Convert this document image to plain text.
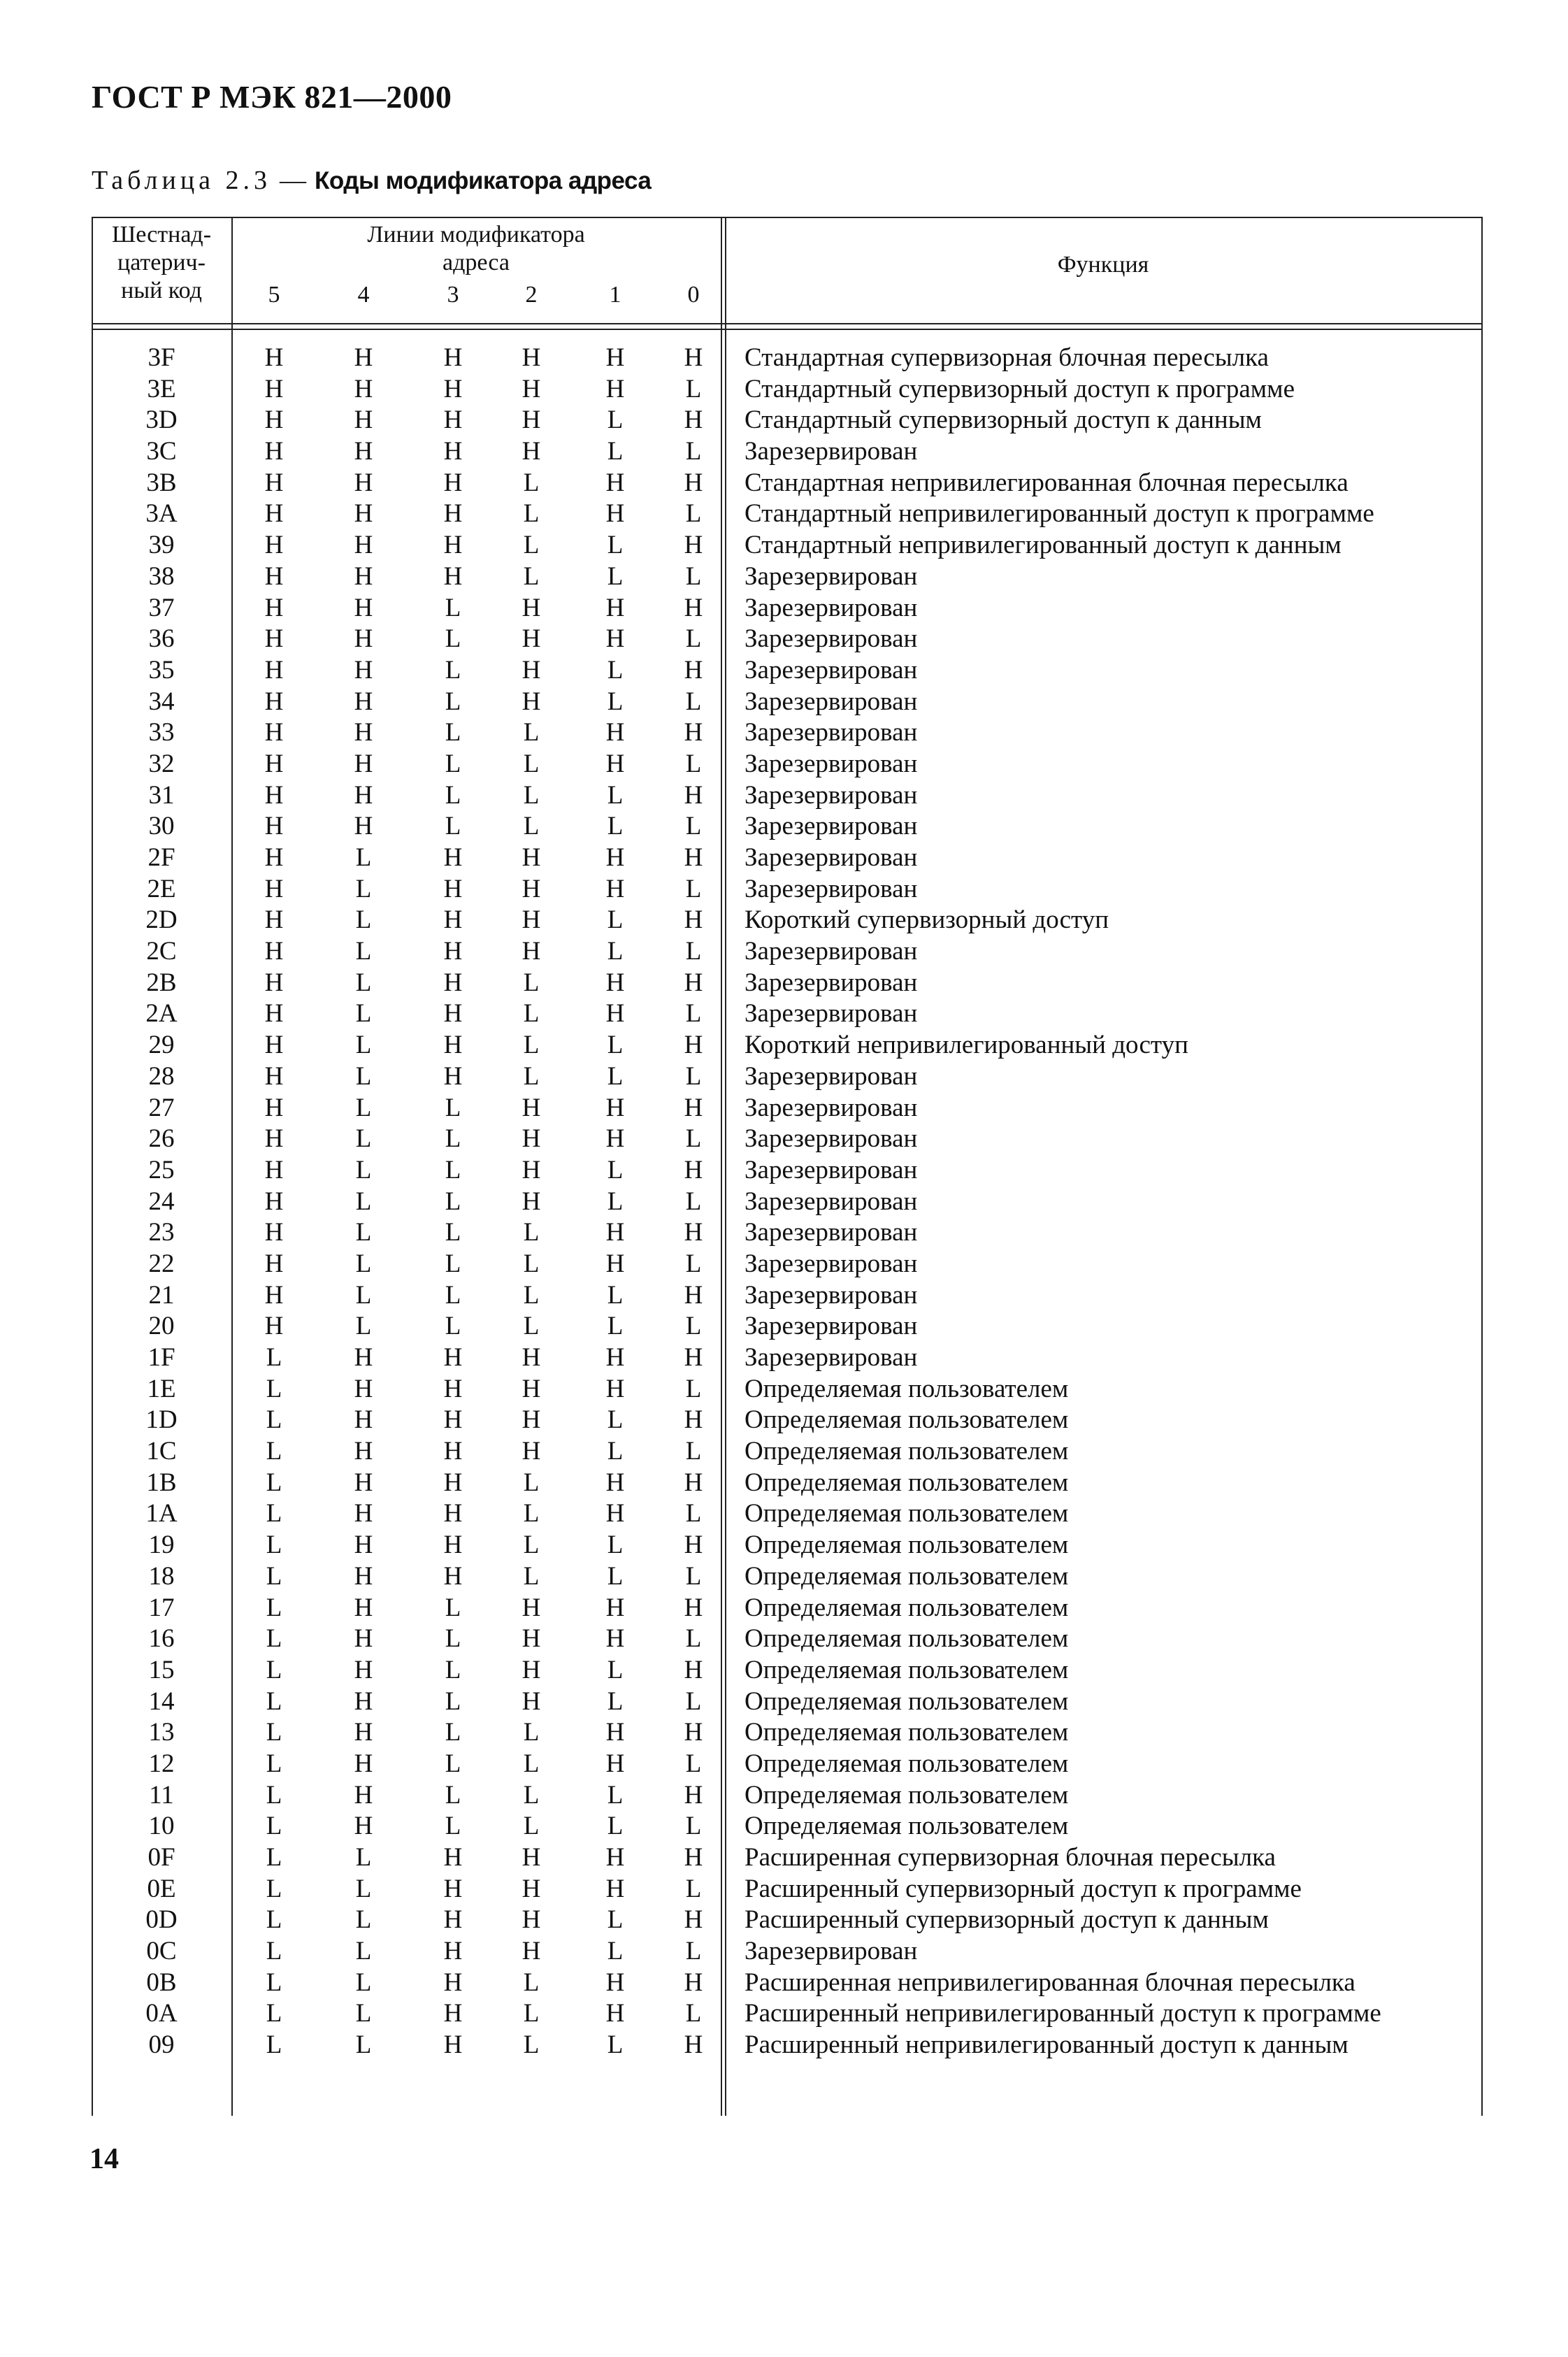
ГОСТ Р МЭК 821—2000
Таблица 2.3 — Коды модификатора адреса
Шестнад-
цатерич-
ный код
Линии модификатора
адреса
5	4	3	2	1	0
Функция
3F	H	H	H	H	H	H	Стандартная супервизорная блочная пересылка
3E	H	H	H	H	H	L	Стандартный супервизорный доступ к программе
3D	H	H	H	H	L	H	Стандартный супервизорный доступ к данным
3C	H	H	H	H	L	L	Зарезервирован
3B	H	H	H	L	H	H	Стандартная непривилегированная блочная пересылка
3A	H	H	H	L	H	L	Стандартный непривилегированный доступ к программе
39	H	H	H	L	L	H	Стандартный непривилегированный доступ к данным
38	H	H	H	L	L	L	Зарезервирован
37	H	H	L	H	H	H	Зарезервирован
36	H	H	L	H	H	L	Зарезервирован
35	H	H	L	H	L	H	Зарезервирован
34	H	H	L	H	L	L	Зарезервирован
33	H	H	L	L	H	H	Зарезервирован
32	H	H	L	L	H	L	Зарезервирован
31	H	H	L	L	L	H	Зарезервирован
30	H	H	L	L	L	L	Зарезервирован
2F	H	L	H	H	H	H	Зарезервирован
2E	H	L	H	H	H	L	Зарезервирован
2D	H	L	H	H	L	H	Короткий супервизорный доступ
2C	H	L	H	H	L	L	Зарезервирован
2B	H	L	H	L	H	H	Зарезервирован
2A	H	L	H	L	H	L	Зарезервирован
29	H	L	H	L	L	H	Короткий непривилегированный доступ
28	H	L	H	L	L	L	Зарезервирован
27	H	L	L	H	H	H	Зарезервирован
26	H	L	L	H	H	L	Зарезервирован
25	H	L	L	H	L	H	Зарезервирован
24	H	L	L	H	L	L	Зарезервирован
23	H	L	L	L	H	H	Зарезервирован
22	H	L	L	L	H	L	Зарезервирован
21	H	L	L	L	L	H	Зарезервирован
20	H	L	L	L	L	L	Зарезервирован
1F	L	H	H	H	H	H	Зарезервирован
1E	L	H	H	H	H	L	Определяемая пользователем
1D	L	H	H	H	L	H	Определяемая пользователем
1C	L	H	H	H	L	L	Определяемая пользователем
1B	L	H	H	L	H	H	Определяемая пользователем
1A	L	H	H	L	H	L	Определяемая пользователем
19	L	H	H	L	L	H	Определяемая пользователем
18	L	H	H	L	L	L	Определяемая пользователем
17	L	H	L	H	H	H	Определяемая пользователем
16	L	H	L	H	H	L	Определяемая пользователем
15	L	H	L	H	L	H	Определяемая пользователем
14	L	H	L	H	L	L	Определяемая пользователем
13	L	H	L	L	H	H	Определяемая пользователем
12	L	H	L	L	H	L	Определяемая пользователем
11	L	H	L	L	L	H	Определяемая пользователем
10	L	H	L	L	L	L	Определяемая пользователем
0F	L	L	H	H	H	H	Расширенная супервизорная блочная пересылка
0E	L	L	H	H	H	L	Расширенный супервизорный доступ к программе
0D	L	L	H	H	L	H	Расширенный супервизорный доступ к данным
0C	L	L	H	H	L	L	Зарезервирован
0B	L	L	H	L	H	H	Расширенная непривилегированная блочная пересылка
0A	L	L	H	L	H	L	Расширенный непривилегированный доступ к программе
09	L	L	H	L	L	H	Расширенный непривилегированный доступ к данным
14
